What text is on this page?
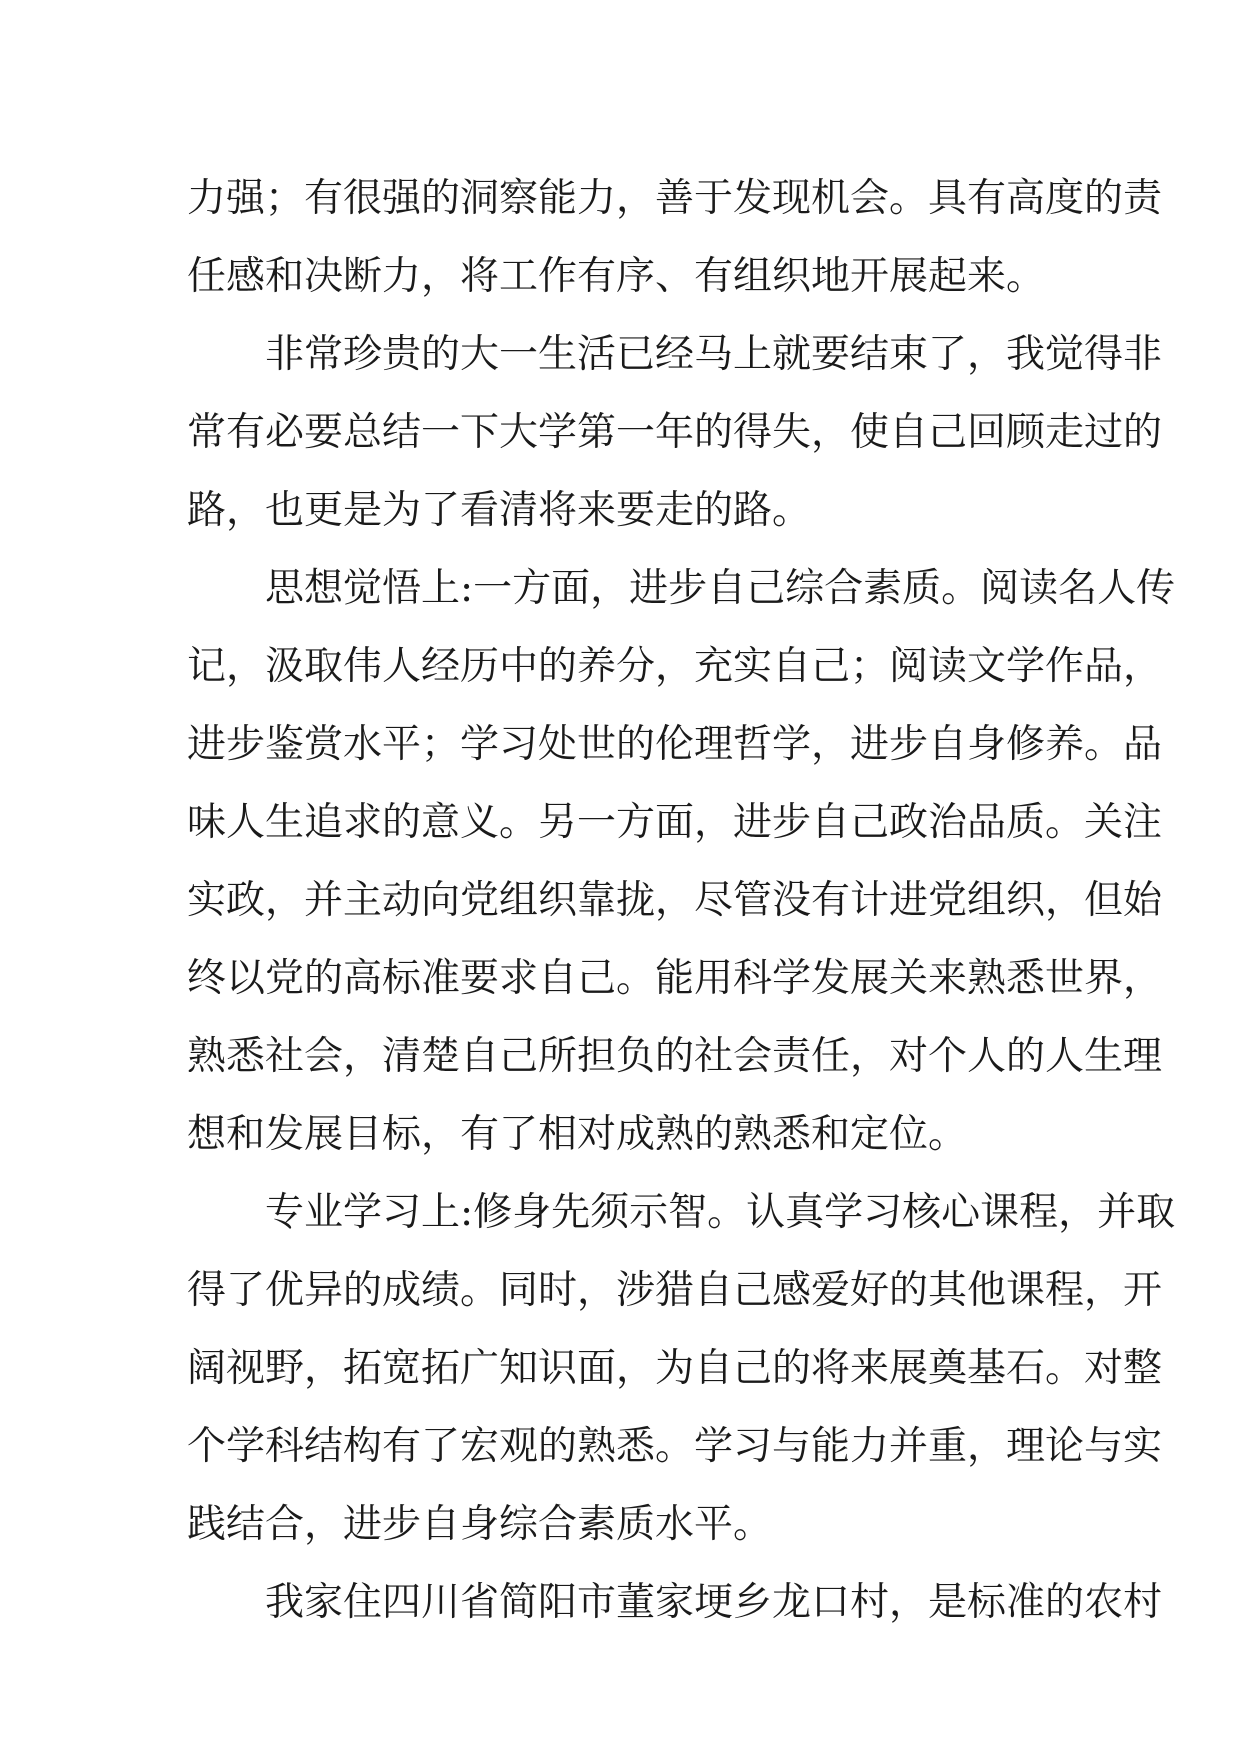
力强；有很强的洞察能力，善于发现机会。具有高度的责
任感和决断力，将工作有序、有组织地开展起来。
非常珍贵的大一生活已经马上就要结束了，我觉得非
常有必要总结一下大学第一年的得失，使自己回顾走过的
路，也更是为了看清将来要走的路。
思想觉悟上:一方面，进步自己综合素质。阅读名人传
记，汲取伟人经历中的养分，充实自己；阅读文学作品，
进步鉴赏水平；学习处世的伦理哲学，进步自身修养。品
味人生追求的意义。另一方面，进步自己政治品质。关注
实政，并主动向党组织靠拢，尽管没有计进党组织，但始
终以党的高标准要求自己。能用科学发展关来熟悉世界，
熟悉社会，清楚自己所担负的社会责任，对个人的人生理
想和发展目标，有了相对成熟的熟悉和定位。
专业学习上:修身先须示智。认真学习核心课程，并取
得了优异的成绩。同时，涉猎自己感爱好的其他课程，开
阔视野，拓宽拓广知识面，为自己的将来展奠基石。对整
个学科结构有了宏观的熟悉。学习与能力并重，理论与实
践结合，进步自身综合素质水平。
我家住四川省简阳市董家埂乡龙口村，是标准的农村
